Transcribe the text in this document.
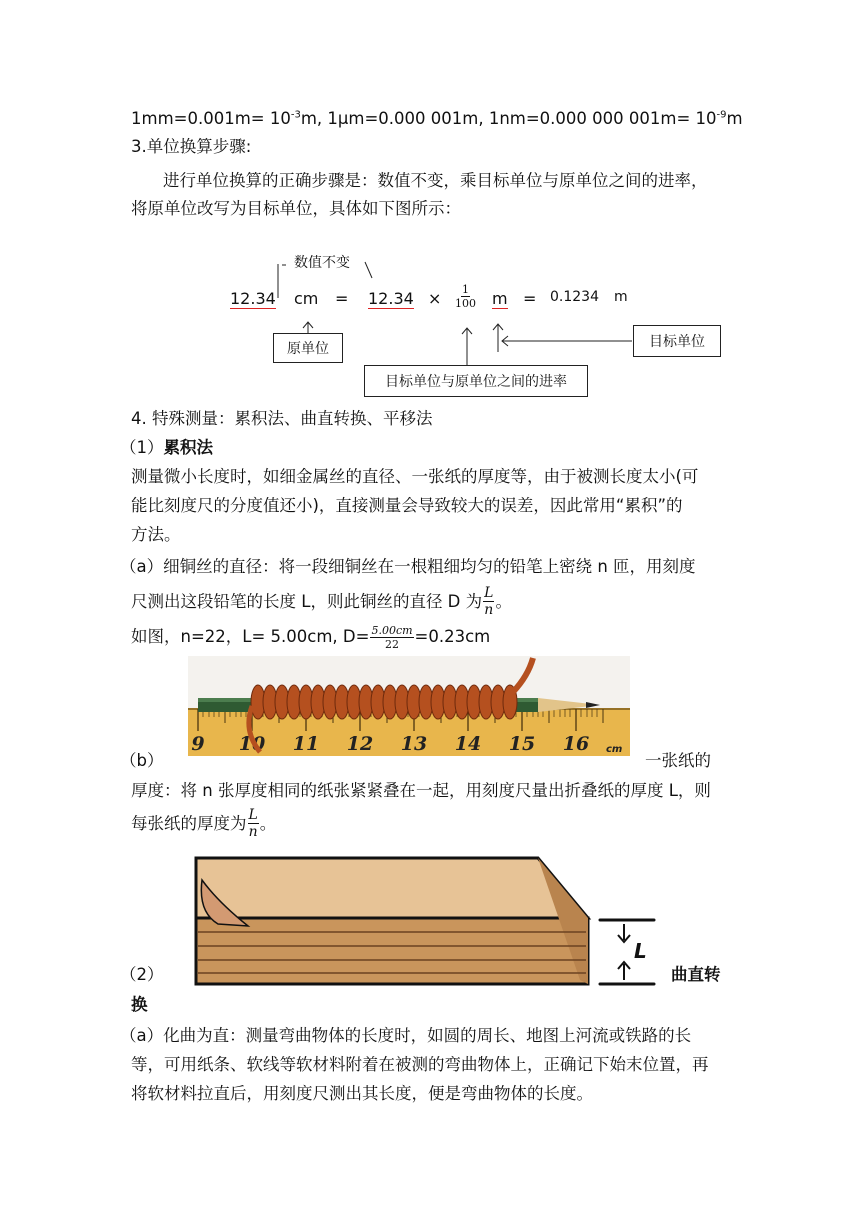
$1mm=0.001m= 10^{-3}m$, 1μm=0.000 001m, 1nm=0.000 000 $001m= 10^{-9}m$
3.单位换算步骤:
进行单位换算的正确步骤是：数值不变，乘目标单位与原单位之间的进率，
将原单位改写为目标单位，具体如下图所示：
数值不变
12.34 cm = $12.34 \times \frac{1}{100}$ m = 0.1234 m
原单位	目标单位
目标单位与原单位之间的进率
4. 特殊测量：累积法、曲直转换、平移法
（1）累积法
测量微小长度时，如细金属丝的直径、一张纸的厚度等，由于被测长度太小(可
能比刻度尺的分度值还小)，直接测量会导致较大的误差，因此常用“累积”的
方法。
（a）细铜丝的直径：将一段细铜丝在一根粗细均匀的铅笔上密绕 n 匝，用刻度
尺测出这段铅笔的长度 L，则此铜丝的直径 D 为 $\frac{L}{n}$ 。
如图，n=22，L= 5.00cm, $D= \frac{5.00cm}{22} =0.23cm$
9 10 11 12 13 14 15 16 cm
（b）	一张纸的
厚度：将 n 张厚度相同的纸张紧紧叠在一起，用刻度尺量出折叠纸的厚度 L，则
每张纸的厚度为 $\frac{L}{n}$ 。
L
（2）	曲直转
换
（a）化曲为直：测量弯曲物体的长度时，如圆的周长、地图上河流或铁路的长
等，可用纸条、软线等软材料附着在被测的弯曲物体上，正确记下始末位置，再
将软材料拉直后，用刻度尺测出其长度，便是弯曲物体的长度。
